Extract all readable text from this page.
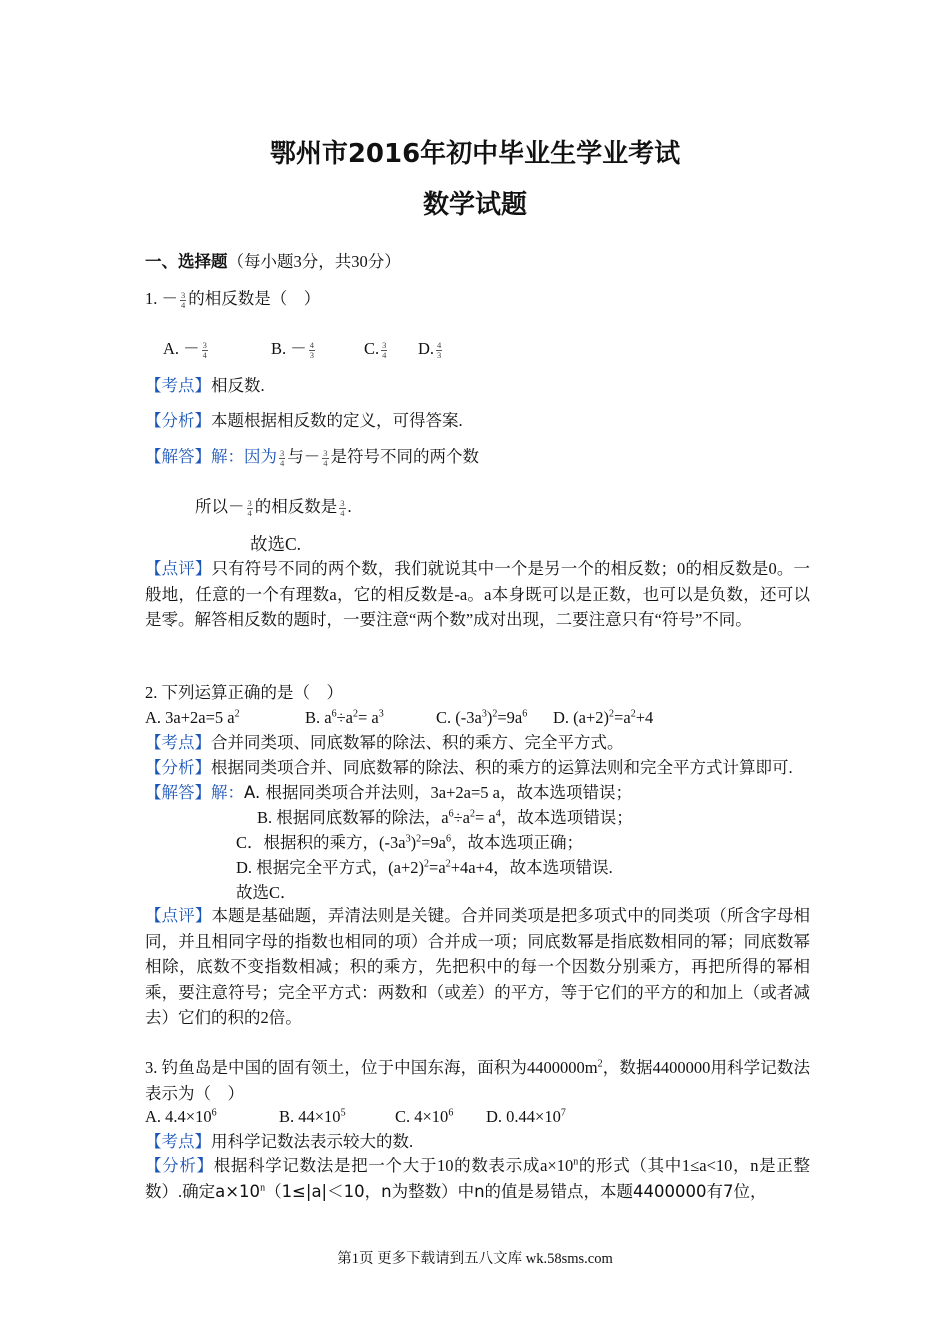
鄂州市2016年初中毕业生学业考试
数学试题
一、选择题（每小题3分，共30分）
1. － $\frac{3}{4}$ 的相反数是（　）
A. － $\frac{3}{4}$	B. － $\frac{4}{3}$	C. $\frac{3}{4} D$. $\frac{4}{3}$
【考点】相反数.
【分析】本题根据相反数的定义，可得答案.
【解答】解：因为 $\frac{3}{4}$ 与－ $\frac{3}{4}$ 是符号不同的两个数
所以－ $\frac{3}{4}$ 的相反数是 $\frac{3}{4}$ .
故选C.
【点评】只有符号不同的两个数，我们就说其中一个是另一个的相反数；0的相反数是0。一般地，任意的一个有理数a，它的相反数是-a。a本身既可以是正数，也可以是负数，还可以是零。解答相反数的题时，一要注意“两个数”成对出现，二要注意只有“符号”不同。
2. 下列运算正确的是（　）
A. 3a+2a=5 $a^2$	B. $a^6\div a^2= a^3$	C. $(-3a^3)^2=9a^6$ D. $(a+2)^2=a^2+4$
【考点】合并同类项、同底数幂的除法、积的乘方、完全平方式。
【分析】根据同类项合并、同底数幂的除法、积的乘方的运算法则和完全平方式计算即可.
【解答】解：A. 根据同类项合并法则，3a+2a=5 a，故本选项错误；
B. 根据同底数幂的除法，$a^6\div a^2= a^4$，故本选项错误；
C．根据积的乘方，$(-3a^3)^2=9a^6$，故本选项正确；
D. 根据完全平方式，$(a+2)^2=a^2+4a+4$，故本选项错误.
故选C．
【点评】本题是基础题，弄清法则是关键。合并同类项是把多项式中的同类项（所含字母相同，并且相同字母的指数也相同的项）合并成一项；同底数幂是指底数相同的幂；同底数幂相除，底数不变指数相减；积的乘方，先把积中的每一个因数分别乘方，再把所得的幂相乘，要注意符号；完全平方式：两数和（或差）的平方，等于它们的平方的和加上（或者减去）它们的积的2倍。
3. 钓鱼岛是中国的固有领土，位于中国东海，面积为$4400000m^2$，数据4400000用科学记数法表示为（　）
A. $4.4\times 10^6$	B. $44\times 10^5$	C. $4\times 10^6$ D. $0.44\times 10^7$
【考点】用科学记数法表示较大的数.
【分析】根据科学记数法是把一个大于10的数表示成$a\times 10^n$的形式（其中1≤a<10，n是正整数）.确定$a\times 10^n(1\le|a|<10$，n为整数）中n的值是易错点，本题4400000有7位，
第1页 更多下载请到五八文库 wk.58sms.com
